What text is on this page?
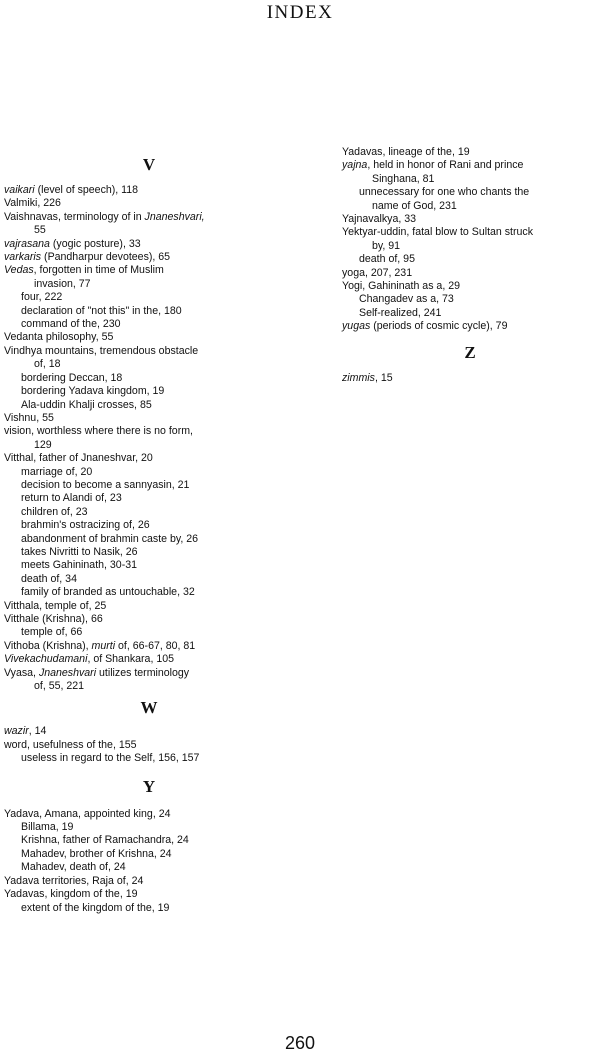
INDEX
V
vaikari (level of speech), 118
Valmiki, 226
Vaishnavas, terminology of in Jnaneshvari,
55
vajrasana (yogic posture), 33
varkaris (Pandharpur devotees), 65
Vedas, forgotten in time of Muslim
invasion, 77
four, 222
declaration of "not this" in the, 180
command of the, 230
Vedanta philosophy, 55
Vindhya mountains, tremendous obstacle
of, 18
bordering Deccan, 18
bordering Yadava kingdom, 19
Ala-uddin Khalji crosses, 85
Vishnu, 55
vision, worthless where there is no form,
129
Vitthal, father of Jnaneshvar, 20
marriage of, 20
decision to become a sannyasin, 21
return to Alandi of, 23
children of, 23
brahmin's ostracizing of, 26
abandonment of brahmin caste by, 26
takes Nivritti to Nasik, 26
meets Gahininath, 30-31
death of, 34
family of branded as untouchable, 32
Vitthala, temple of, 25
Vitthale (Krishna), 66
temple of, 66
Vithoba (Krishna), murti of, 66-67, 80, 81
Vivekachudamani, of Shankara, 105
Vyasa, Jnaneshvari utilizes terminology
of, 55, 221
W
wazir, 14
word, usefulness of the, 155
useless in regard to the Self, 156, 157
Y
Yadava, Amana, appointed king, 24
Billama, 19
Krishna, father of Ramachandra, 24
Mahadev, brother of Krishna, 24
Mahadev, death of, 24
Yadava territories, Raja of, 24
Yadavas, kingdom of the, 19
extent of the kingdom of the, 19
Yadavas, lineage of the, 19
yajna, held in honor of Rani and prince
Singhana, 81
unnecessary for one who chants the
name of God, 231
Yajnavalkya, 33
Yektyar-uddin, fatal blow to Sultan struck
by, 91
death of, 95
yoga, 207, 231
Yogi, Gahininath as a, 29
Changadev as a, 73
Self-realized, 241
yugas (periods of cosmic cycle), 79
Z
zimmis, 15
260
